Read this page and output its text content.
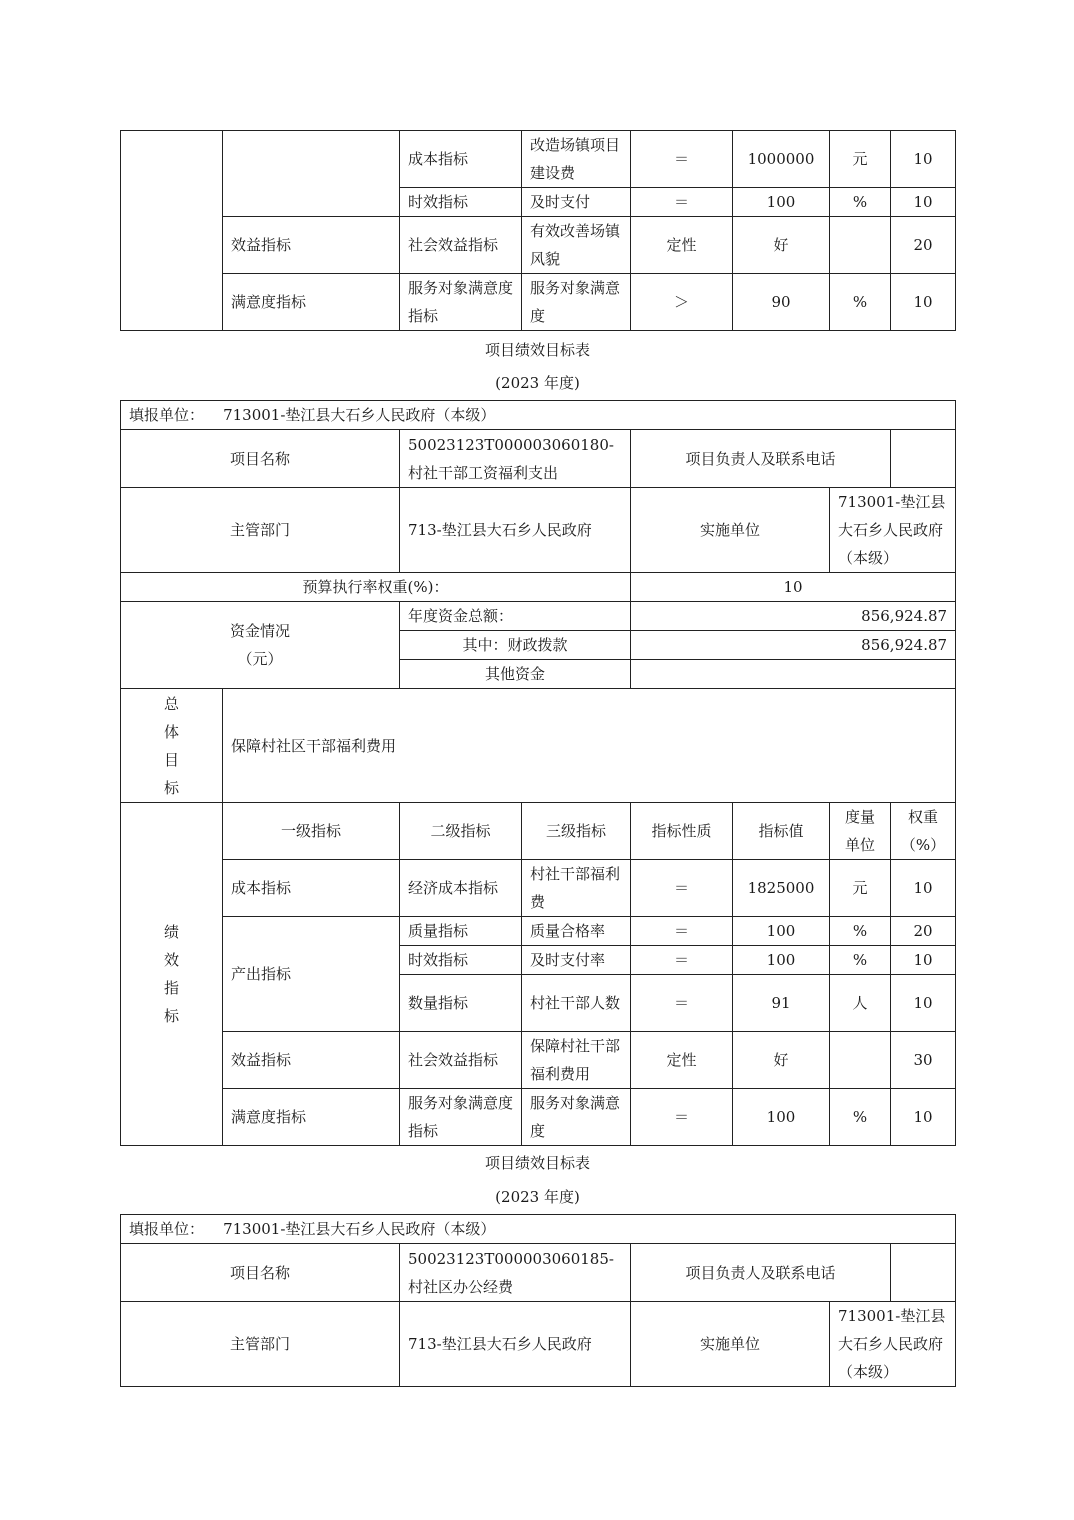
		成本指标	改造场镇项目建设费	＝	1000000	元	10
		时效指标	及时支付	＝	100	%	10
	效益指标	社会效益指标	有效改善场镇风貌	定性	好		20
	满意度指标	服务对象满意度指标	服务对象满意度	＞	90	%	10
项目绩效目标表
(2023 年度)
填报单位： 713001-垫江县大石乡人民政府（本级）							
项目名称		50023123T000003060180-村社干部工资福利支出		项目负责人及联系电话			
主管部门		713-垫江县大石乡人民政府		实施单位		713001-垫江县大石乡人民政府（本级）	
预算执行率权重(%)：				10			

资金情况
（元）		年度资金总额：		856,924.87			
		其中：财政拨款		856,924.87			
		其他资金					

总
体
目
标	保障村社区干部福利费用						

绩
效
指
标	一级指标	二级指标	三级指标	指标性质	指标值	度量单位	权重（%）
	成本指标	经济成本指标	村社干部福利费	＝	1825000	元	10
	产出指标	质量指标	质量合格率	＝	100	%	20
		时效指标	及时支付率	＝	100	%	10
		数量指标	村社干部人数	＝	91	人	10
	效益指标	社会效益指标	保障村社干部福利费用	定性	好		30
	满意度指标	服务对象满意度指标	服务对象满意度	＝	100	%	10
项目绩效目标表
(2023 年度)
填报单位： 713001-垫江县大石乡人民政府（本级）				
项目名称	50023123T000003060185-村社区办公经费	项目负责人及联系电话		
主管部门	713-垫江县大石乡人民政府	实施单位	713001-垫江县大石乡人民政府（本级）	
